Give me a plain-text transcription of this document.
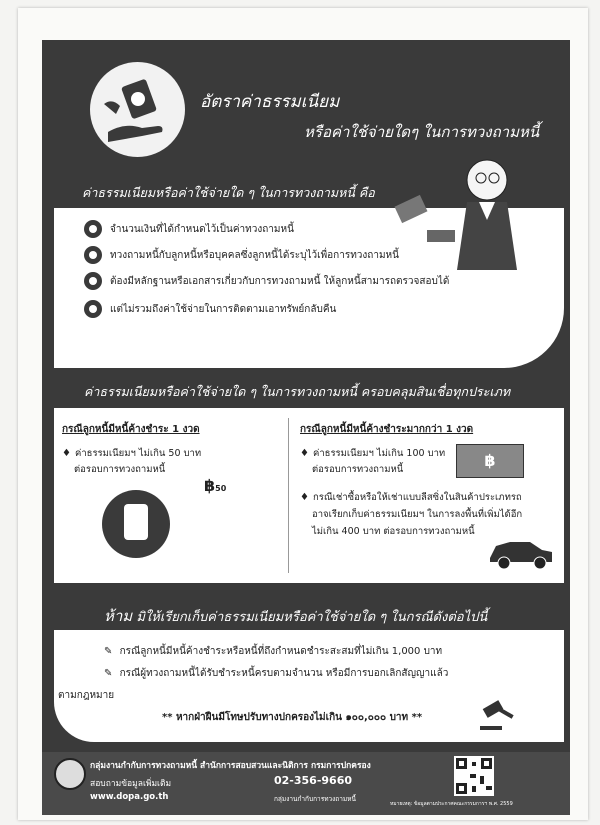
อัตราค่าธรรมเนียม
หรือค่าใช้จ่ายใดๆ ในการทวงถามหนี้
ค่าธรรมเนียมหรือค่าใช้จ่ายใด ๆ ในการทวงถามหนี้ คือ
จำนวนเงินที่ได้กำหนดไว้เป็นค่าทวงถามหนี้
ทวงถามหนี้กับลูกหนี้หรือบุคคลซึ่งลูกหนี้ได้ระบุไว้เพื่อการทวงถามหนี้
ต้องมีหลักฐานหรือเอกสารเกี่ยวกับการทวงถามหนี้ ให้ลูกหนี้สามารถตรวจสอบได้
แต่ไม่รวมถึงค่าใช้จ่ายในการติดตามเอาทรัพย์กลับคืน
ค่าธรรมเนียมหรือค่าใช้จ่ายใด ๆ ในการทวงถามหนี้ ครอบคลุมสินเชื่อทุกประเภท
กรณีลูกหนี้มีหนี้ค้างชำระ 1 งวด
♦ ค่าธรรมเนียมฯ ไม่เกิน 50 บาท
ต่อรอบการทวงถามหนี้
฿50
กรณีลูกหนี้มีหนี้ค้างชำระมากกว่า 1 งวด
♦ ค่าธรรมเนียมฯ ไม่เกิน 100 บาท
ต่อรอบการทวงถามหนี้	฿
♦ กรณีเช่าซื้อหรือให้เช่าแบบลีสซิ่งในสินค้าประเภทรถ
อาจเรียกเก็บค่าธรรมเนียมฯ ในการลงพื้นที่เพิ่มได้อีก
ไม่เกิน 400 บาท ต่อรอบการทวงถามหนี้
ห้าม มิให้เรียกเก็บค่าธรรมเนียมหรือค่าใช้จ่ายใด ๆ ในกรณีดังต่อไปนี้
✎ กรณีลูกหนี้มีหนี้ค้างชำระหรือหนี้ที่ถึงกำหนดชำระสะสมที่ไม่เกิน 1,000 บาท
✎ กรณีผู้ทวงถามหนี้ได้รับชำระหนี้ครบตามจำนวน หรือมีการบอกเลิกสัญญาแล้ว
ตามกฎหมาย
** หากฝ่าฝืนมีโทษปรับทางปกครองไม่เกิน ๑๐๐,๐๐๐ บาท **
กลุ่มงานกำกับการทวงถามหนี้ สำนักการสอบสวนและนิติการ กรมการปกครอง
สอบถามข้อมูลเพิ่มเติม
www.dopa.go.th
02-356-9660
กลุ่มงานกำกับการทวงถามหนี้
หมายเหตุ: ข้อมูลตามประกาศคณะกรรมการฯ พ.ศ. 2559
